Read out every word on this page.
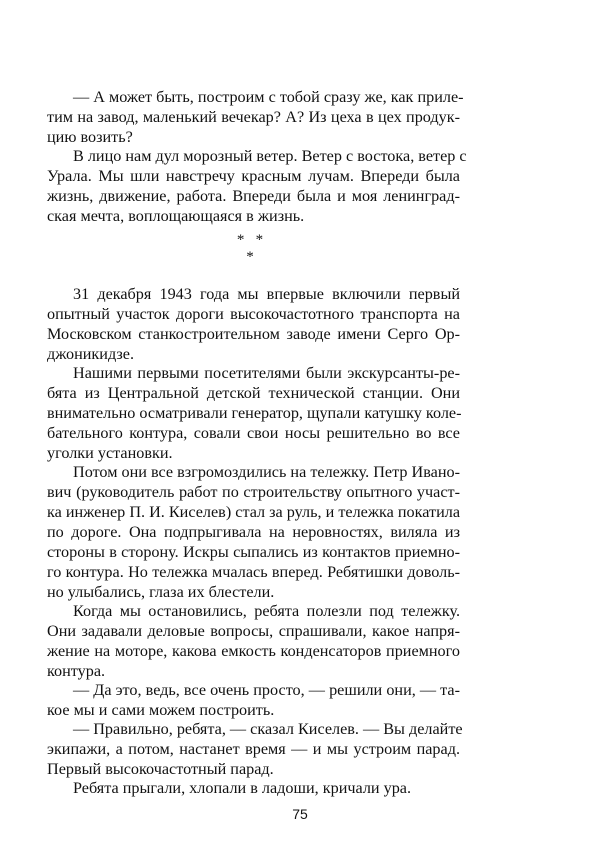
— А может быть, построим с тобой сразу же, как приле-
тим на завод, маленький вечекар? А? Из цеха в цех продук-
цию возить?
В лицо нам дул морозный ветер. Ветер с востока, ветер с
Урала. Мы шли навстречу красным лучам. Впереди была
жизнь, движение, работа. Впереди была и моя ленинград-
ская мечта, воплощающаяся в жизнь.
*   *
*
31 декабря 1943 года мы впервые включили первый
опытный участок дороги высокочастотного транспорта на
Московском станкостроительном заводе имени Серго Ор-
джоникидзе.
Нашими первыми посетителями были экскурсанты-ре-
бята из Центральной детской технической станции. Они
внимательно осматривали генератор, щупали катушку коле-
бательного контура, совали свои носы решительно во все
уголки установки.
Потом они все взгромоздились на тележку. Петр Ивано-
вич (руководитель работ по строительству опытного участ-
ка инженер П. И. Киселев) стал за руль, и тележка покатила
по дороге. Она подпрыгивала на неровностях, виляла из
стороны в сторону. Искры сыпались из контактов приемно-
го контура. Но тележка мчалась вперед. Ребятишки доволь-
но улыбались, глаза их блестели.
Когда мы остановились, ребята полезли под тележку.
Они задавали деловые вопросы, спрашивали, какое напря-
жение на моторе, какова емкость конденсаторов приемного
контура.
— Да это, ведь, все очень просто, — решили они, — та-
кое мы и сами можем построить.
— Правильно, ребята, — сказал Киселев. — Вы делайте
экипажи, а потом, настанет время — и мы устроим парад.
Первый высокочастотный парад.
Ребята прыгали, хлопали в ладоши, кричали ура.
75
